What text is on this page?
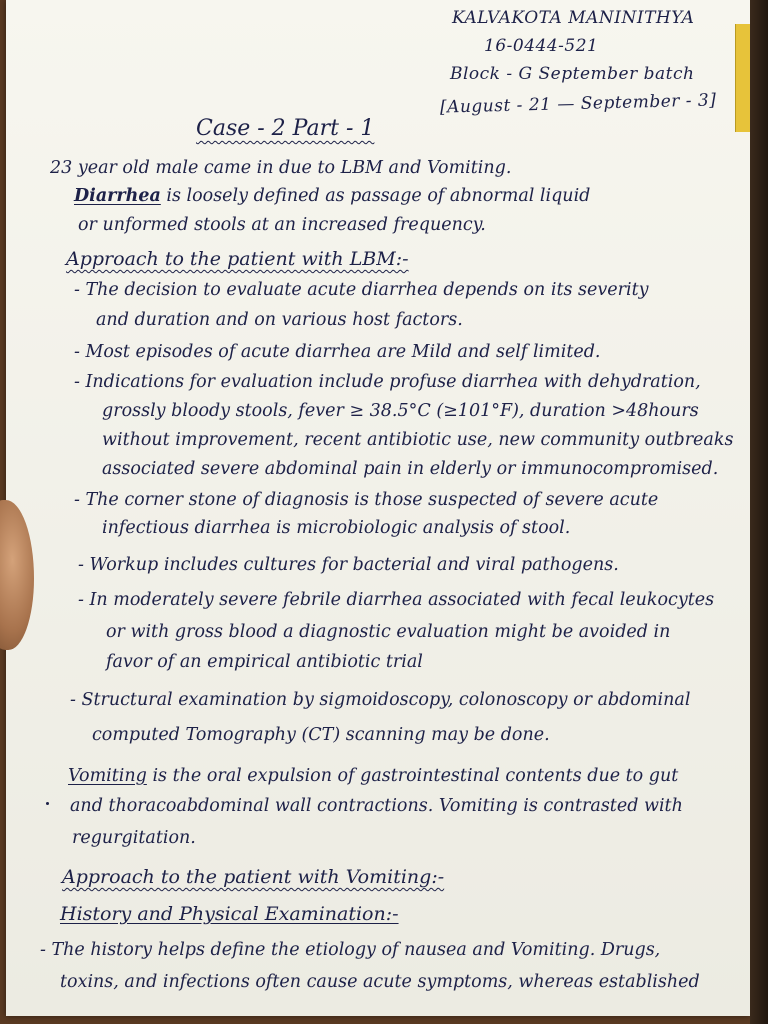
KALVAKOTA MANINITHYA
16-0444-521
Block - G September batch
[August - 21 — September - 3]
Case - 2 Part - 1
23 year old male came in due to LBM and Vomiting.
Diarrhea is loosely defined as passage of abnormal liquid
or unformed stools at an increased frequency.
Approach to the patient with LBM:-
- The decision to evaluate acute diarrhea depends on its severity
and duration and on various host factors.
- Most episodes of acute diarrhea are Mild and self limited.
- Indications for evaluation include profuse diarrhea with dehydration,
grossly bloody stools, fever ≥ 38.5°C (≥101°F), duration >48hours
without improvement, recent antibiotic use, new community outbreaks
associated severe abdominal pain in elderly or immunocompromised.
- The corner stone of diagnosis is those suspected of severe acute
infectious diarrhea is microbiologic analysis of stool.
- Workup includes cultures for bacterial and viral pathogens.
- In moderately severe febrile diarrhea associated with fecal leukocytes
or with gross blood a diagnostic evaluation might be avoided in
favor of an empirical antibiotic trial
- Structural examination by sigmoidoscopy, colonoscopy or abdominal
computed Tomography (CT) scanning may be done.
Vomiting is the oral expulsion of gastrointestinal contents due to gut
and thoracoabdominal wall contractions. Vomiting is contrasted with
regurgitation.
Approach to the patient with Vomiting:-
History and Physical Examination:-
- The history helps define the etiology of nausea and Vomiting. Drugs,
toxins, and infections often cause acute symptoms, whereas established
